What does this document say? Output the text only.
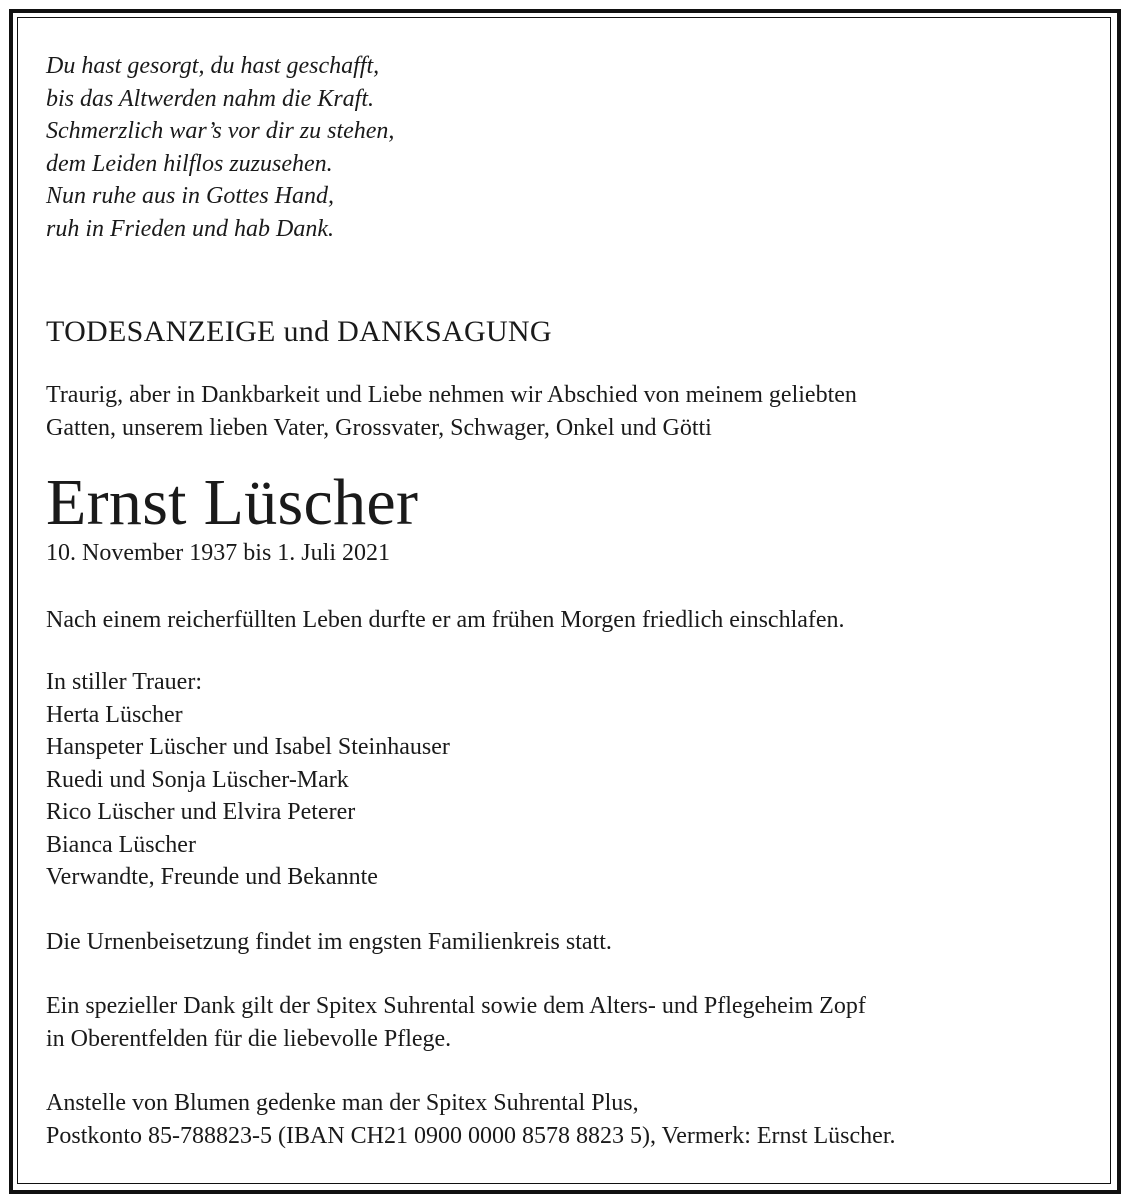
Du hast gesorgt, du hast geschafft,
bis das Altwerden nahm die Kraft.
Schmerzlich war’s vor dir zu stehen,
dem Leiden hilflos zuzusehen.
Nun ruhe aus in Gottes Hand,
ruh in Frieden und hab Dank.
TODESANZEIGE und DANKSAGUNG
Traurig, aber in Dankbarkeit und Liebe nehmen wir Abschied von meinem geliebten
Gatten, unserem lieben Vater, Grossvater, Schwager, Onkel und Götti
Ernst Lüscher
10. November 1937 bis 1. Juli 2021
Nach einem reicherfüllten Leben durfte er am frühen Morgen friedlich einschlafen.
In stiller Trauer:
Herta Lüscher
Hanspeter Lüscher und Isabel Steinhauser
Ruedi und Sonja Lüscher-Mark
Rico Lüscher und Elvira Peterer
Bianca Lüscher
Verwandte, Freunde und Bekannte
Die Urnenbeisetzung findet im engsten Familienkreis statt.
Ein spezieller Dank gilt der Spitex Suhrental sowie dem Alters- und Pflegeheim Zopf
in Oberentfelden für die liebevolle Pflege.
Anstelle von Blumen gedenke man der Spitex Suhrental Plus,
Postkonto 85-788823-5 (IBAN CH21 0900 0000 8578 8823 5), Vermerk: Ernst Lüscher.
